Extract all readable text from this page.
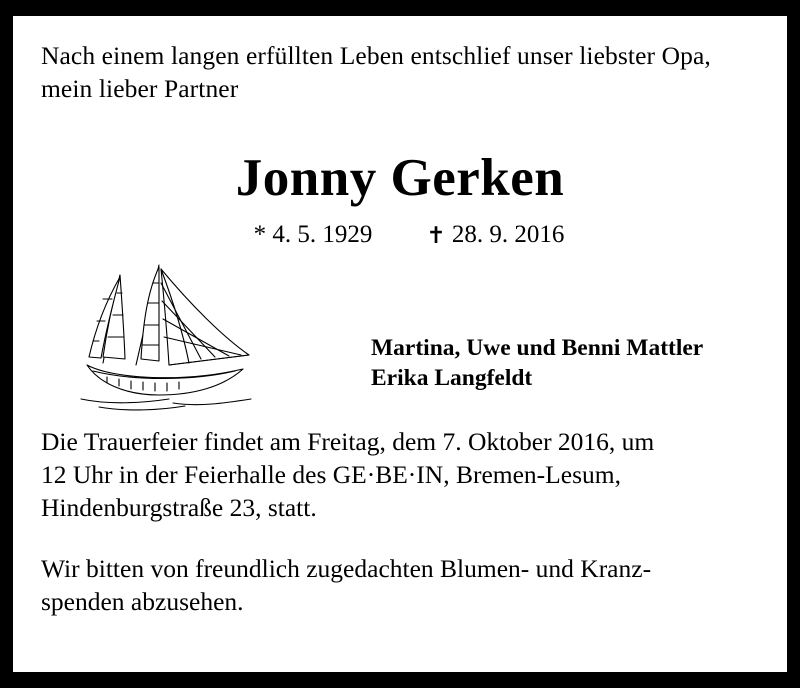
Nach einem langen erfüllten Leben entschlief unser liebster Opa, mein lieber Partner

Jonny Gerken
* 4. 5. 1929 ✝ 28. 9. 2016
Martina, Uwe und Benni Mattler
Erika Langfeldt

Die Trauerfeier findet am Freitag, dem 7. Oktober 2016, um
12 Uhr in der Feierhalle des GE·BE·IN, Bremen-Lesum,
Hindenburgstraße 23, statt.

Wir bitten von freundlich zugedachten Blumen- und Kranz-
spenden abzusehen.
